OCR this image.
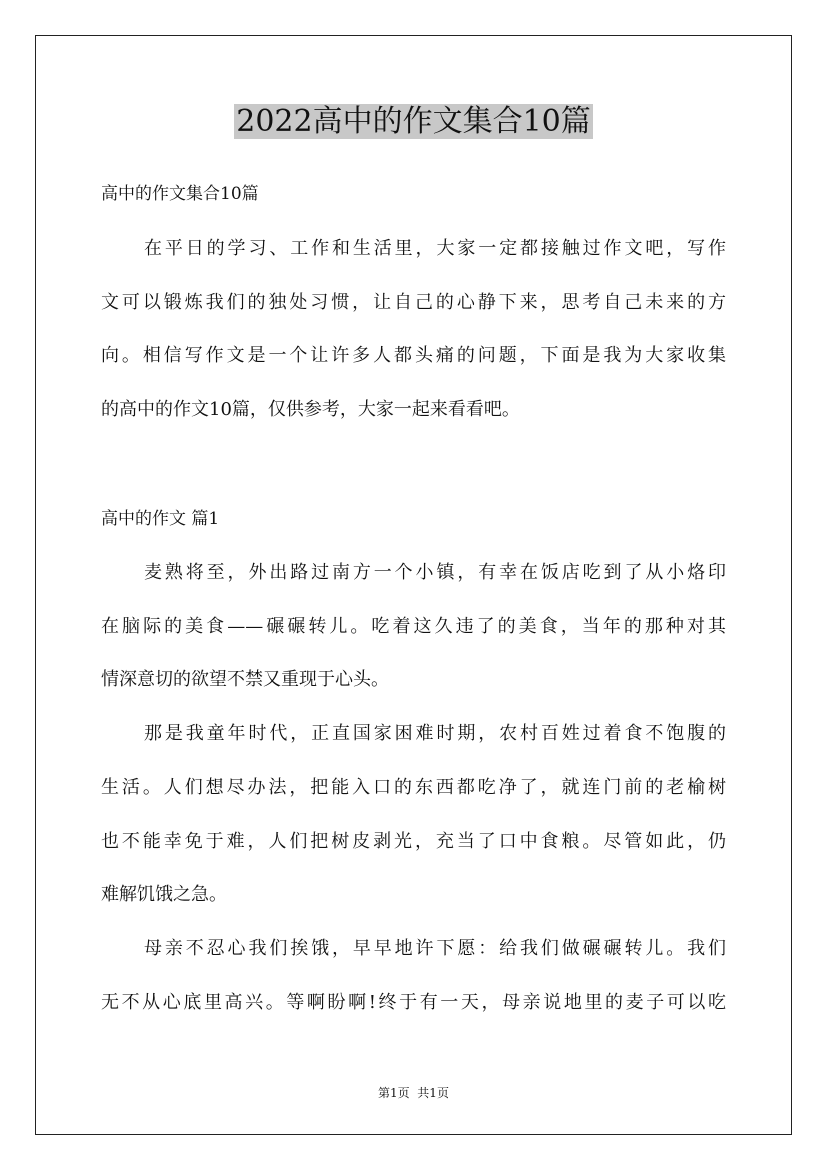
2022高中的作文集合10篇
高中的作文集合10篇
在平日的学习、工作和生活里，大家一定都接触过作文吧，写作
文可以锻炼我们的独处习惯，让自己的心静下来，思考自己未来的方
向。相信写作文是一个让许多人都头痛的问题，下面是我为大家收集
的高中的作文10篇，仅供参考，大家一起来看看吧。
高中的作文 篇1
麦熟将至，外出路过南方一个小镇，有幸在饭店吃到了从小烙印
在脑际的美食——碾碾转儿。吃着这久违了的美食，当年的那种对其
情深意切的欲望不禁又重现于心头。
那是我童年时代，正直国家困难时期，农村百姓过着食不饱腹的
生活。人们想尽办法，把能入口的东西都吃净了，就连门前的老榆树
也不能幸免于难，人们把树皮剥光，充当了口中食粮。尽管如此，仍
难解饥饿之急。
母亲不忍心我们挨饿，早早地许下愿：给我们做碾碾转儿。我们
无不从心底里高兴。等啊盼啊!终于有一天，母亲说地里的麦子可以吃
第1页  共1页
